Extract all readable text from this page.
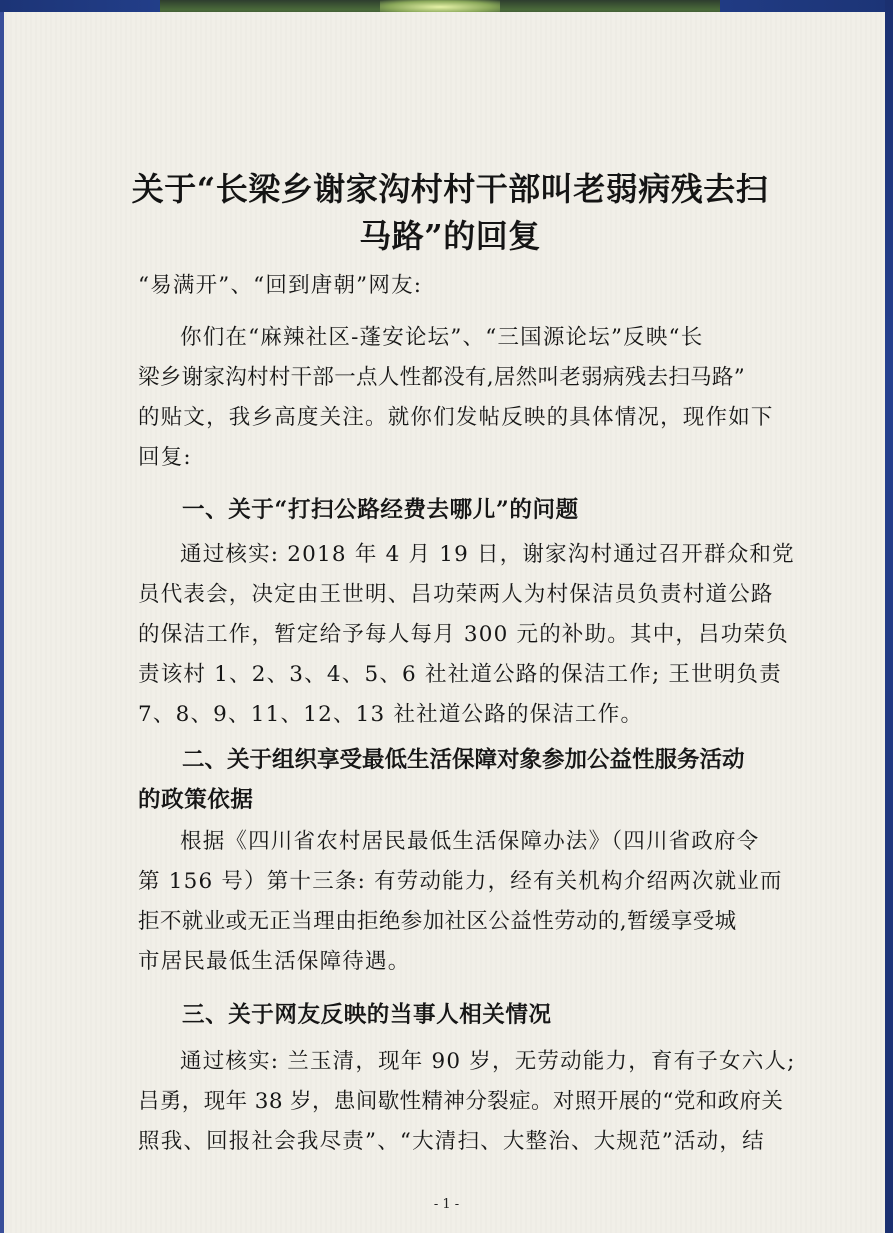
关于“长梁乡谢家沟村村干部叫老弱病残去扫
马路”的回复
“易满开”、“回到唐朝”网友:
你们在“麻辣社区-蓬安论坛”、“三国源论坛”反映“长
梁乡谢家沟村村干部一点人性都没有,居然叫老弱病残去扫马路”
的贴文，我乡高度关注。就你们发帖反映的具体情况，现作如下
回复:
一、关于“打扫公路经费去哪儿”的问题
通过核实: 2018 年 4 月 19 日，谢家沟村通过召开群众和党
员代表会，决定由王世明、吕功荣两人为村保洁员负责村道公路
的保洁工作，暂定给予每人每月 300 元的补助。其中，吕功荣负
责该村 1、2、3、4、5、6 社社道公路的保洁工作; 王世明负责
7、8、9、11、12、13 社社道公路的保洁工作。
二、关于组织享受最低生活保障对象参加公益性服务活动
的政策依据
根据《四川省农村居民最低生活保障办法》（四川省政府令
第 156 号）第十三条: 有劳动能力，经有关机构介绍两次就业而
拒不就业或无正当理由拒绝参加社区公益性劳动的,暂缓享受城
市居民最低生活保障待遇。
三、关于网友反映的当事人相关情况
通过核实: 兰玉清，现年 90 岁，无劳动能力，育有子女六人;
吕勇，现年 38 岁，患间歇性精神分裂症。对照开展的“党和政府关
照我、回报社会我尽责”、“大清扫、大整治、大规范”活动，结
- 1 -
